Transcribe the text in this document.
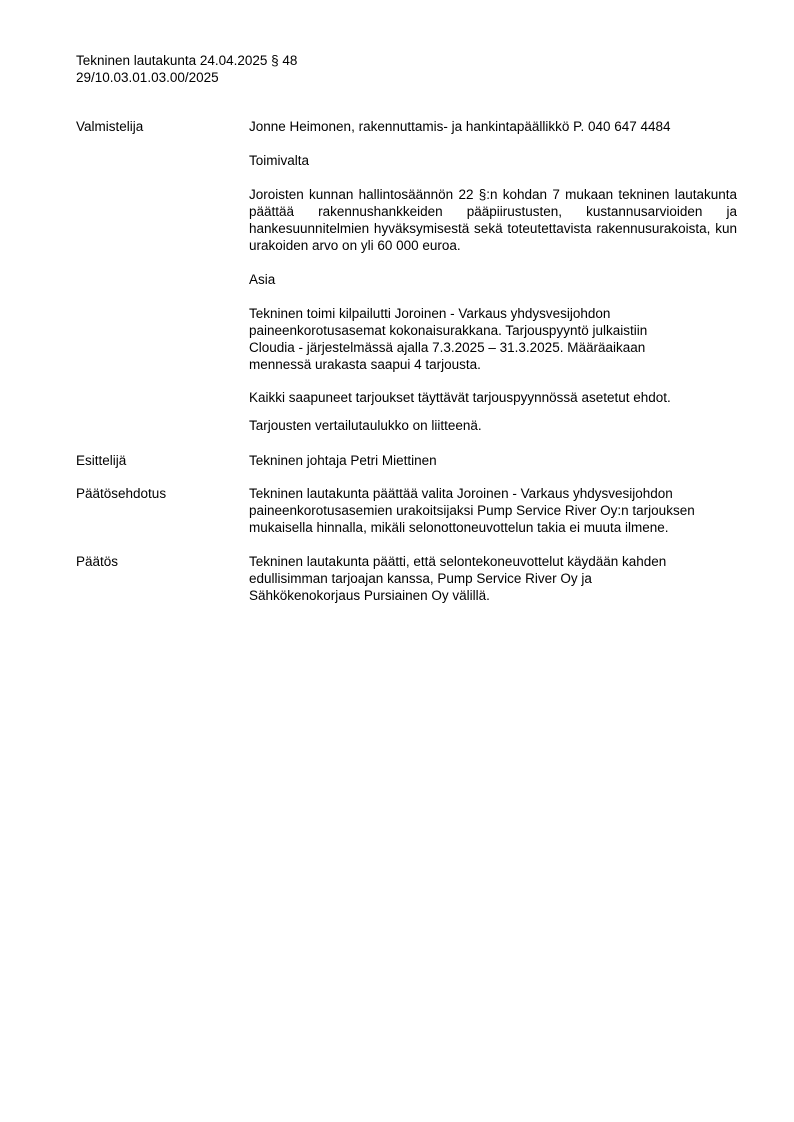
Tekninen lautakunta 24.04.2025 § 48
29/10.03.01.03.00/2025
Valmistelija	Jonne Heimonen, rakennuttamis- ja hankintapäällikkö P. 040 647 4484

Toimivalta
Joroisten kunnan hallintosäännön 22 §:n kohdan 7 mukaan tekninen lautakunta päättää rakennushankkeiden pääpiirustusten, kustannusarvioiden ja hankesuunnitelmien hyväksymisestä sekä toteutettavista rakennusurakoista, kun urakoiden arvo on yli 60 000 euroa.
Asia

Tekninen toimi kilpailutti Joroinen - Varkaus yhdysvesijohdon

paineenkorotusasemat kokonaisurakkana. Tarjouspyyntö julkaistiin

Cloudia - järjestelmässä ajalla 7.3.2025 – 31.3.2025. Määräaikaan

mennessä urakasta saapui 4 tarjousta.

Kaikki saapuneet tarjoukset täyttävät tarjouspyynnössä asetetut ehdot.
Tarjousten vertailutaulukko on liitteenä.
Esittelijä	Tekninen johtaja Petri Miettinen
Päätösehdotus	Tekninen lautakunta päättää valita Joroinen - Varkaus yhdysvesijohdon

paineenkorotusasemien urakoitsijaksi Pump Service River Oy:n tarjouksen

mukaisella hinnalla, mikäli selonottoneuvottelun takia ei muuta ilmene.

Päätös	Tekninen lautakunta päätti, että selontekoneuvottelut käydään kahden

edullisimman tarjoajan kanssa, Pump Service River Oy ja

Sähkökenokorjaus Pursiainen Oy välillä.
